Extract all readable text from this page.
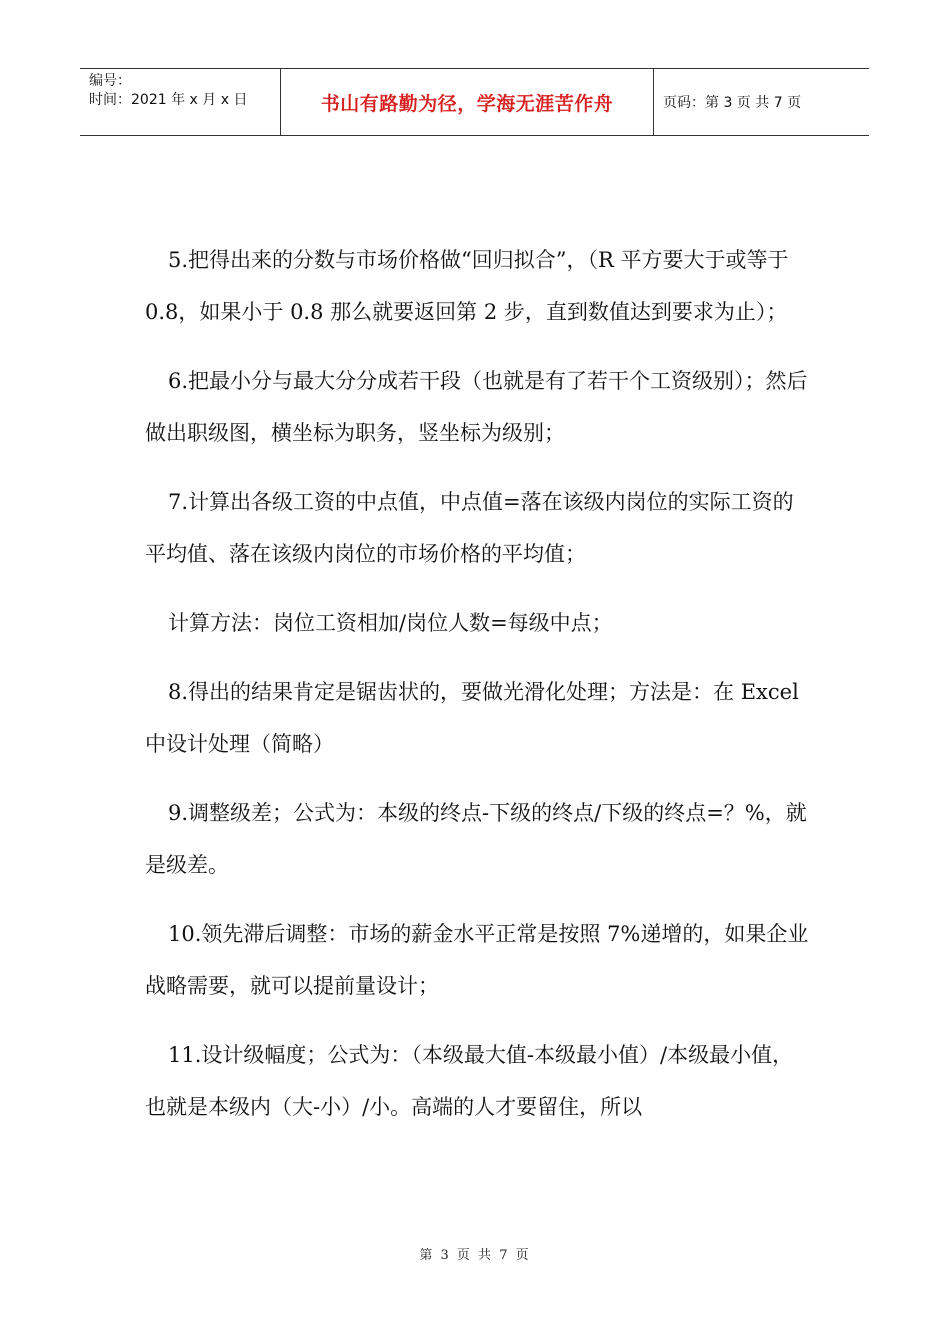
编号：
时间：2021 年 x 月 x 日	书山有路勤为径，学海无涯苦作舟	页码：第 3 页 共 7 页

5.把得出来的分数与市场价格做“回归拟合”，（R 平方要大于或等于 0.8，如果小于 0.8 那么就要返回第 2 步，直到数值达到要求为止）；

6.把最小分与最大分分成若干段（也就是有了若干个工资级别）；然后做出职级图，横坐标为职务，竖坐标为级别；

7.计算出各级工资的中点值，中点值=落在该级内岗位的实际工资的平均值、落在该级内岗位的市场价格的平均值；

计算方法：岗位工资相加/岗位人数=每级中点；

8.得出的结果肯定是锯齿状的，要做光滑化处理；方法是：在 Excel 中设计处理（简略）

9.调整级差；公式为：本级的终点-下级的终点/下级的终点=？%，就是级差。

10.领先滞后调整：市场的薪金水平正常是按照 7%递增的，如果企业战略需要，就可以提前量设计；

11.设计级幅度；公式为：（本级最大值-本级最小值）/本级最小值，也就是本级内（大-小）/小。高端的人才要留住，所以

第 3 页 共 7 页
